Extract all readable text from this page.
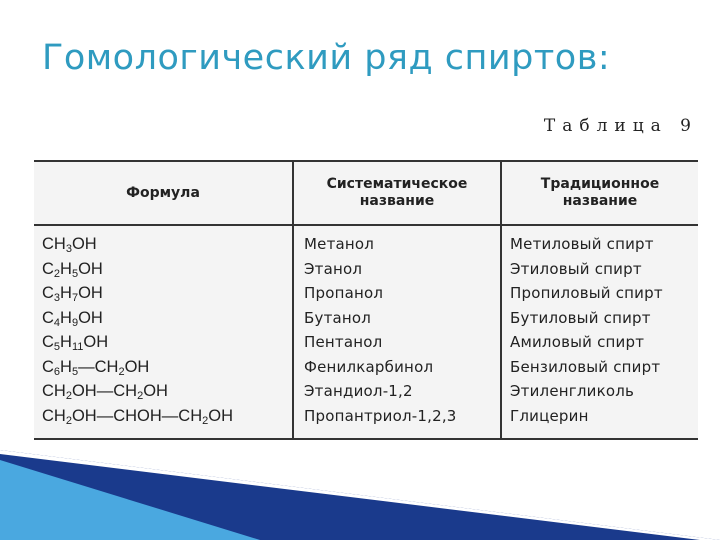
Гомологический ряд спиртов:
Таблица 9
Формула
Систематическое
название
Традиционное
название
$CH_3OH$
$C_2H_5OH$
$C_3H_7OH$
$C_4H_9OH$
$C_5H_{11}OH$
$C_6H_5—CH_2OH$
$CH_2OH—CH_2OH$
$CH_2OH—CHOH—CH_2OH$
Метанол
Этанол
Пропанол
Бутанол
Пентанол
Фенилкарбинол
Этандиол-1,2
Пропантриол-1,2,3
Метиловый спирт
Этиловый спирт
Пропиловый спирт
Бутиловый спирт
Амиловый спирт
Бензиловый спирт
Этиленгликоль
Глицерин
